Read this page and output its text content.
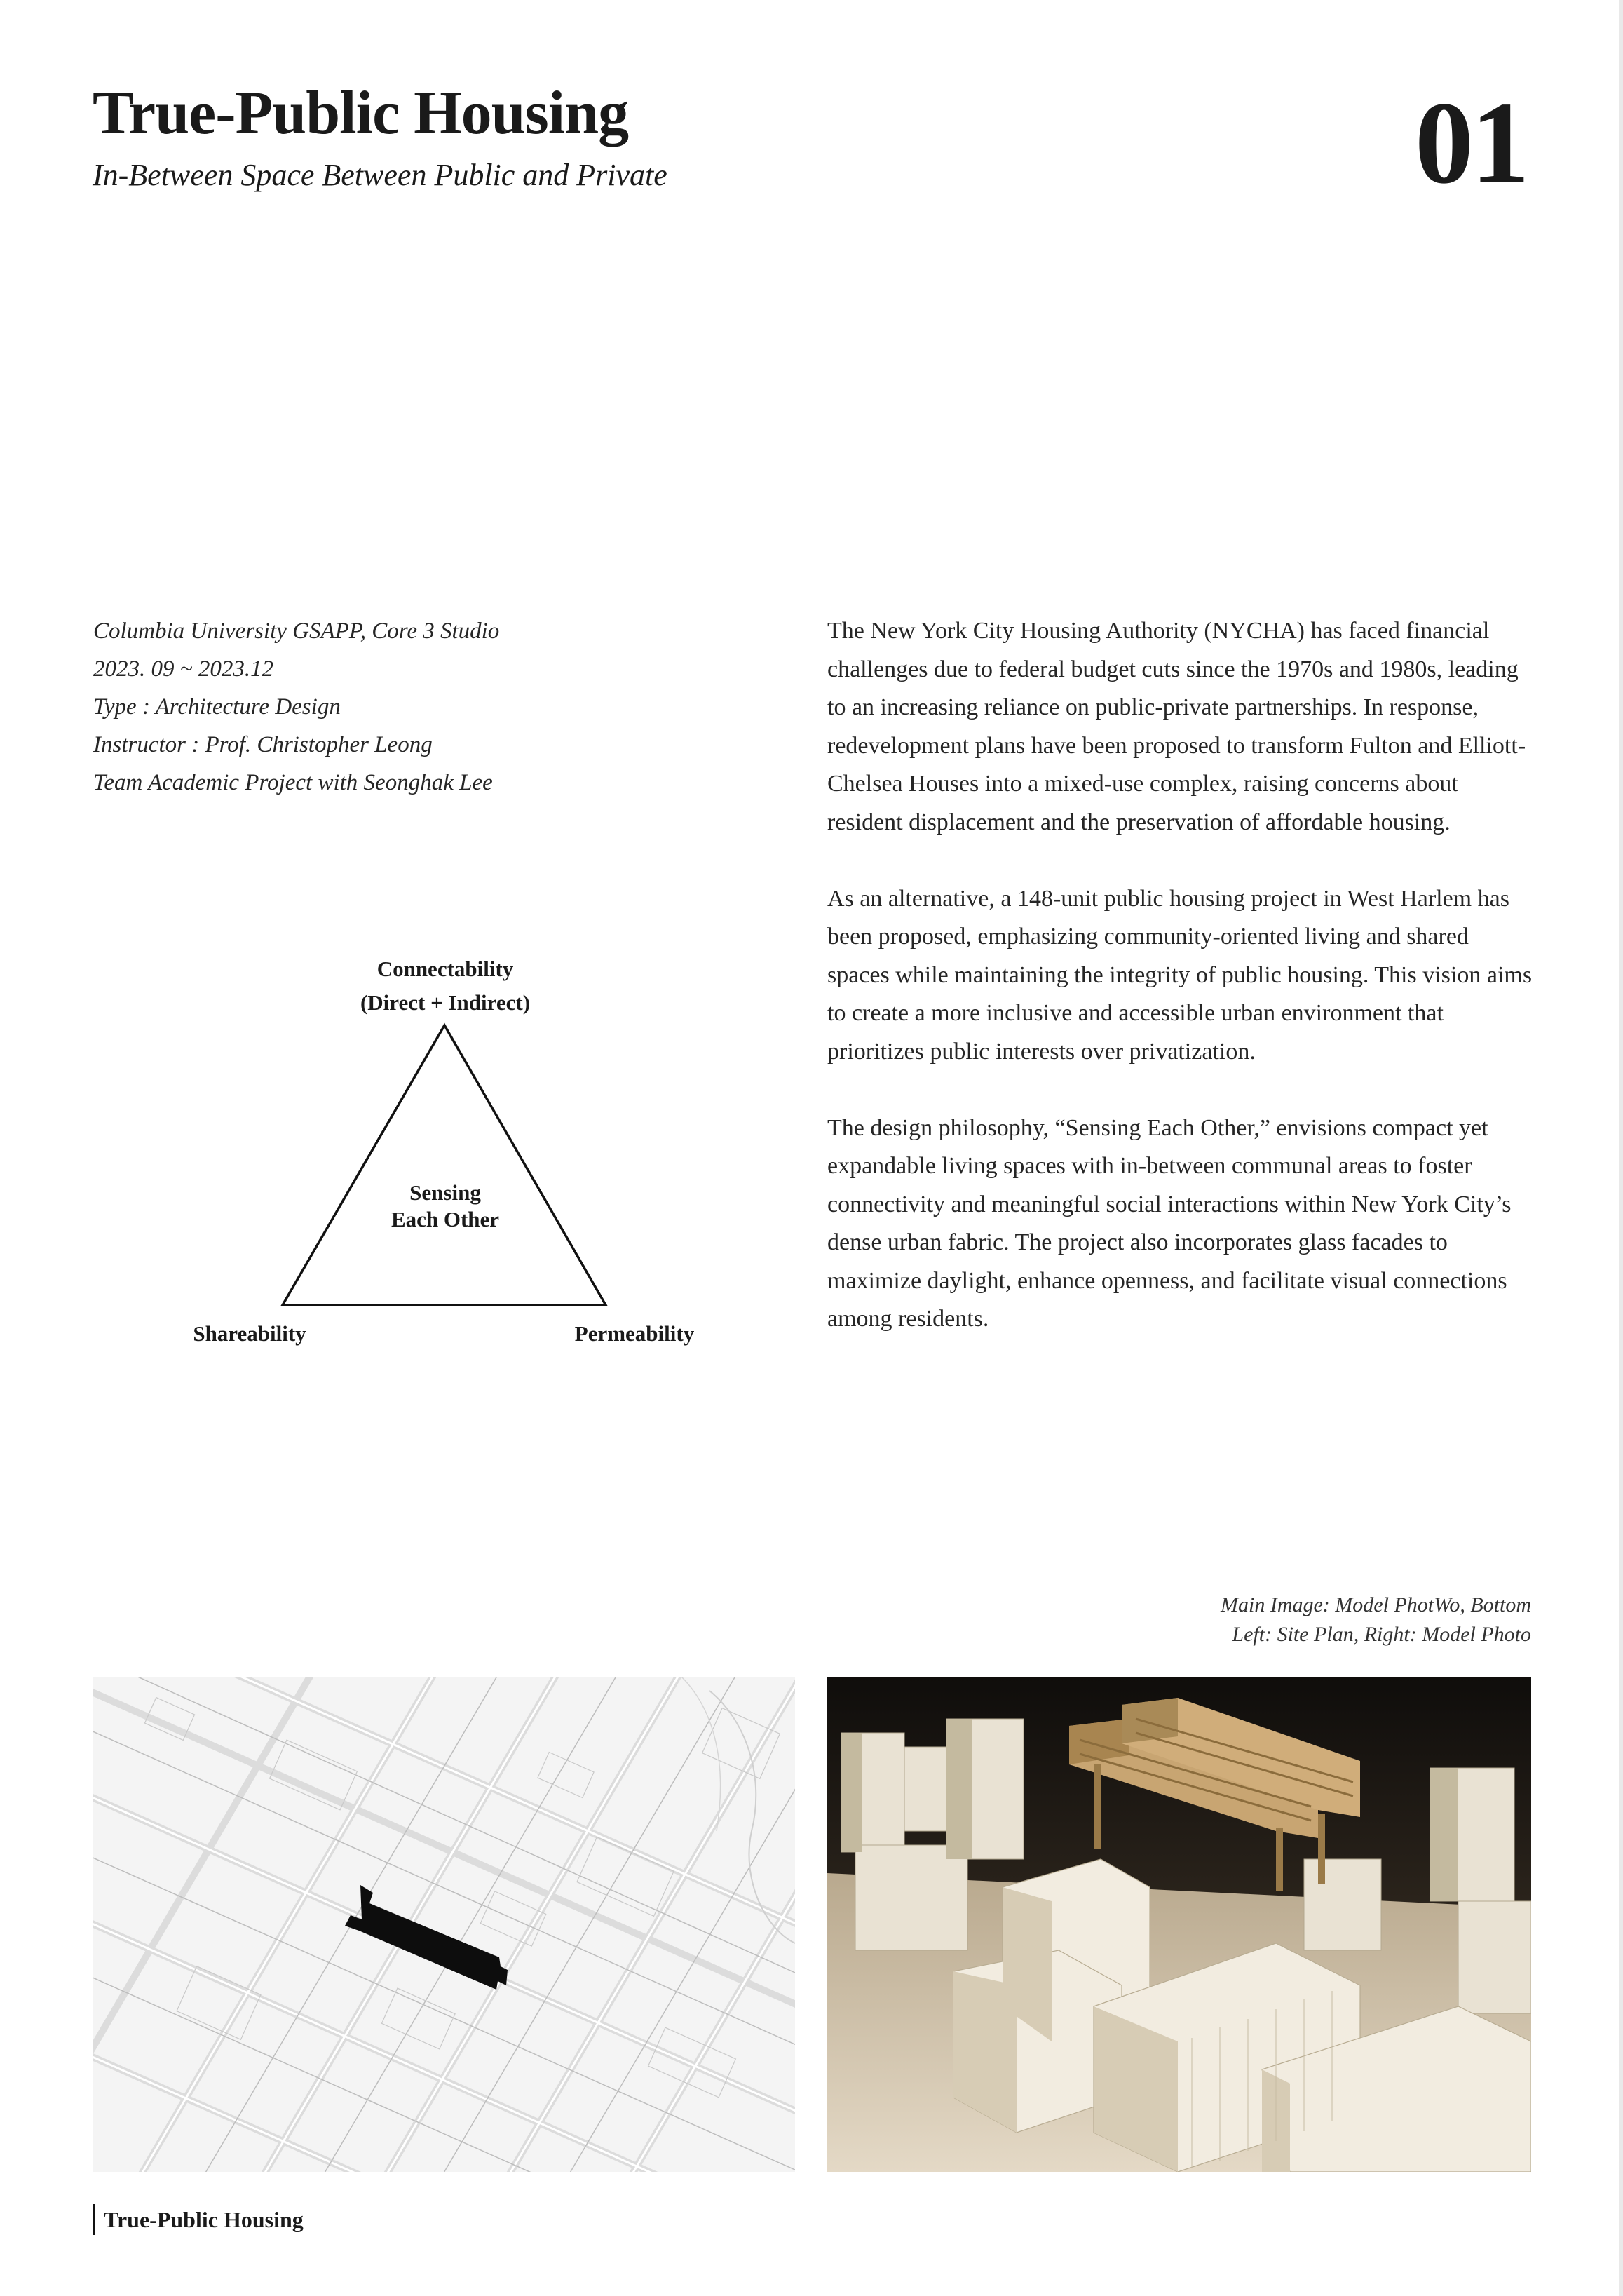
True-Public Housing
In-Between Space Between Public and Private	01
Columbia University GSAPP, Core 3 Studio
2023. 09 ~ 2023.12
Type : Architecture Design
Instructor : Prof. Christopher Leong
Team Academic Project with Seonghak Lee

The New York City Housing Authority (NYCHA) has faced financial challenges due to federal budget cuts since the 1970s and 1980s, leading to an increasing reliance on public-private partnerships. In response, redevelopment plans have been proposed to transform Fulton and Elliott-Chelsea Houses into a mixed-use complex, raising concerns about resident displacement and the preservation of affordable housing.

As an alternative, a 148-unit public housing project in West Harlem has been proposed, emphasizing community-oriented living and shared spaces while maintaining the integrity of public housing. This vision aims to create a more inclusive and accessible urban environment that prioritizes public interests over privatization.

The design philosophy, “Sensing Each Other,” envisions compact yet expandable living spaces with in-between communal areas to foster connectivity and meaningful social interactions within New York City’s dense urban fabric. The project also incorporates glass facades to maximize daylight, enhance openness, and facilitate visual connections among residents.

Connectability
(Direct + Indirect)
Sensing
Each Other
Shareability	Permeability
Main Image: Model PhotWo, Bottom
Left: Site Plan, Right: Model Photo
True-Public Housing
